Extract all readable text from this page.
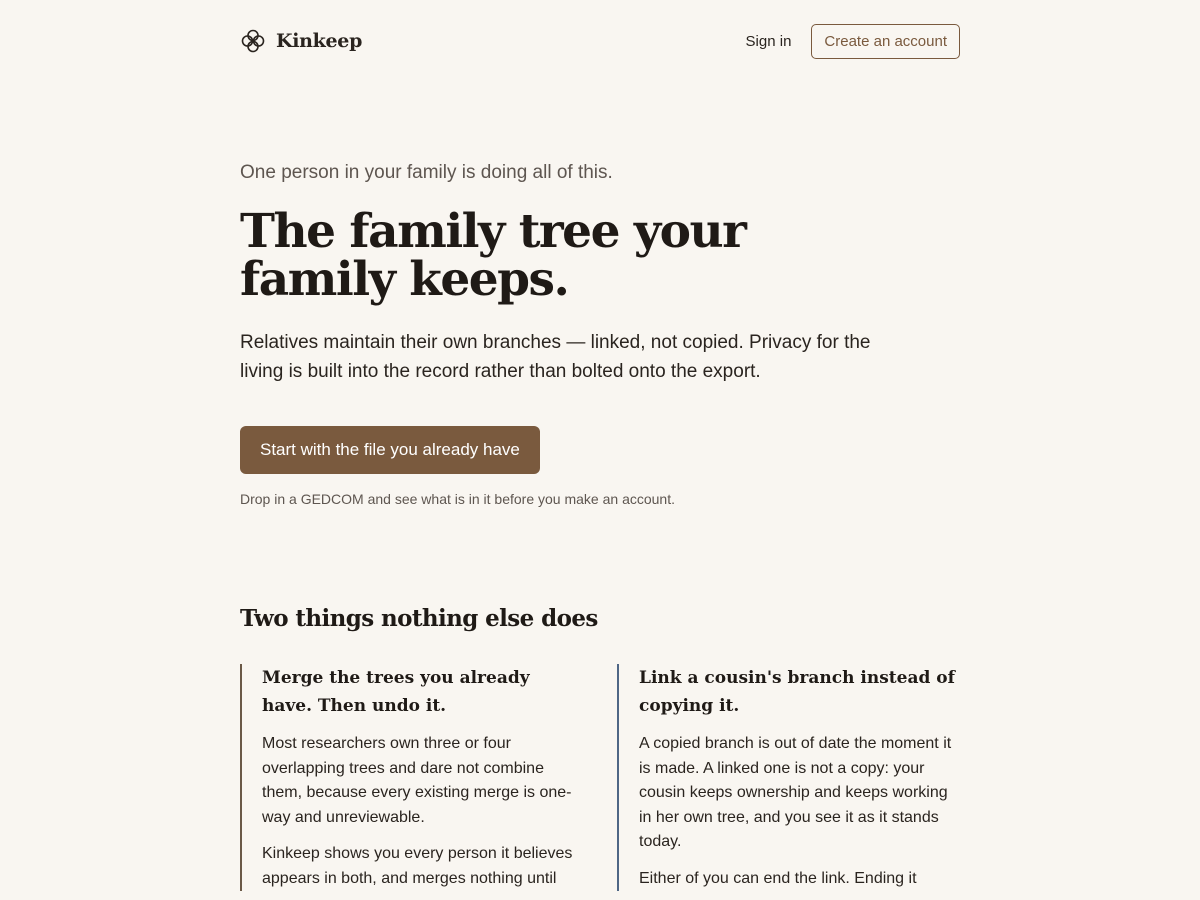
Kinkeep	Sign in	Create an account

One person in your family is doing all of this.

The family tree your family keeps.

Relatives maintain their own branches — linked, not copied. Privacy for the living is built into the record rather than bolted onto the export.

Start with the file you already have

Drop in a GEDCOM and see what is in it before you make an account.

Two things nothing else does
Merge the trees you already have. Then undo it.

Most researchers own three or four overlapping trees and dare not combine them, because every existing merge is one-way and unreviewable.

Kinkeep shows you every person it believes appears in both, and merges nothing until

Link a cousin's branch instead of copying it.

A copied branch is out of date the moment it is made. A linked one is not a copy: your cousin keeps ownership and keeps working in her own tree, and you see it as it stands today.

Either of you can end the link. Ending it
